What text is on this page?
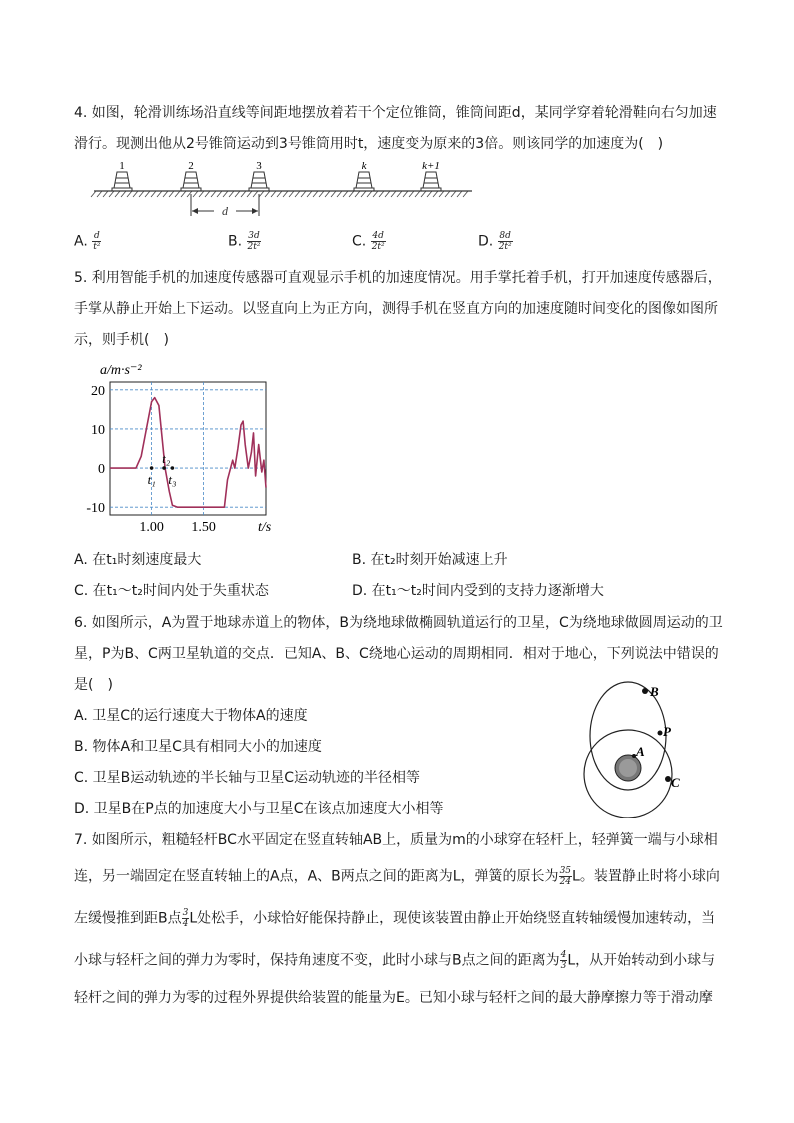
4. 如图，轮滑训练场沿直线等间距地摆放着若干个定位锥筒，锥筒间距d，某同学穿着轮滑鞋向右匀加速
滑行。现测出他从2号锥筒运动到3号锥筒用时t，速度变为原来的3倍。则该同学的加速度为(　)
1	2	3	k	k+1
d
A. $\frac{d}{\text{t²}}$	B. $\frac{3d}{\text{2t²}}$	C. $\frac{4d}{\text{2t²}}$	D. $\frac{8d}{\text{2t²}}$
5. 利用智能手机的加速度传感器可直观显示手机的加速度情况。用手掌托着手机，打开加速度传感器后，
手掌从静止开始上下运动。以竖直向上为正方向，测得手机在竖直方向的加速度随时间变化的图像如图所
示，则手机(　)
20
10
0
-10
1.00 1.50
a/m·s⁻²
t/s
t₁
t₂
t₃
A. 在t₁时刻速度最大	B. 在t₂时刻开始减速上升
C. 在t₁～t₂时间内处于失重状态	D. 在t₁～t₂时间内受到的支持力逐渐增大
6. 如图所示，A为置于地球赤道上的物体，B为绕地球做椭圆轨道运行的卫星，C为绕地球做圆周运动的卫
星，P为B、C两卫星轨道的交点．已知A、B、C绕地心运动的周期相同．相对于地心，下列说法中错误的
是(　)
A. 卫星C的运行速度大于物体A的速度
B. 物体A和卫星C具有相同大小的加速度
C. 卫星B运动轨迹的半长轴与卫星C运动轨迹的半径相等
D. 卫星B在P点的加速度大小与卫星C在该点加速度大小相等
B
P
A
C
7. 如图所示，粗糙轻杆BC水平固定在竖直转轴AB上，质量为m的小球穿在轻杆上，轻弹簧一端与小球相
连，另一端固定在竖直转轴上的A点，A、B两点之间的距离为L，弹簧的原长为 $\frac{35}{24}$ L。装置静止时将小球向
左缓慢推到距B点 $\frac{3}{4}$ L处松手，小球恰好能保持静止，现使该装置由静止开始绕竖直转轴缓慢加速转动，当
小球与轻杆之间的弹力为零时，保持角速度不变，此时小球与B点之间的距离为 $\frac{4}{3}$ L，从开始转动到小球与
轻杆之间的弹力为零的过程外界提供给装置的能量为E。已知小球与轻杆之间的最大静摩擦力等于滑动摩
